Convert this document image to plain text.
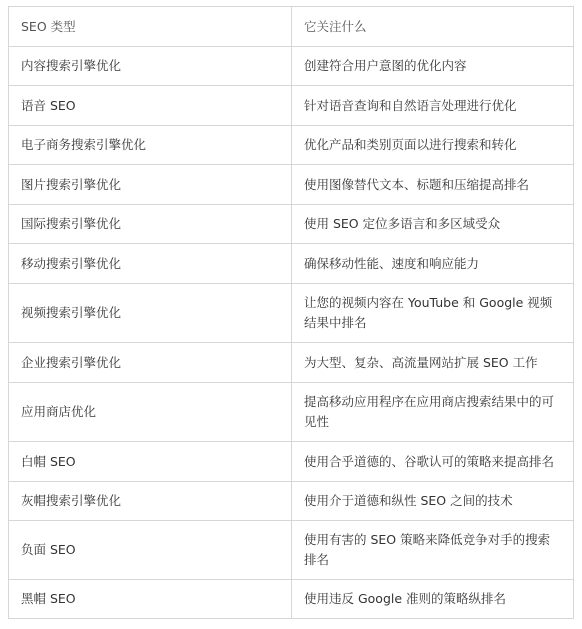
SEO 类型	它关注什么
内容搜索引擎优化	创建符合用户意图的优化内容
语音 SEO	针对语音查询和自然语言处理进行优化
电子商务搜索引擎优化	优化产品和类别页面以进行搜索和转化
图片搜索引擎优化	使用图像替代文本、标题和压缩提高排名
国际搜索引擎优化	使用 SEO 定位多语言和多区域受众
移动搜索引擎优化	确保移动性能、速度和响应能力
视频搜索引擎优化	让您的视频内容在 YouTube 和 Google 视频结果中排名
企业搜索引擎优化	为大型、复杂、高流量网站扩展 SEO 工作
应用商店优化	提高移动应用程序在应用商店搜索结果中的可见性
白帽 SEO	使用合乎道德的、谷歌认可的策略来提高排名
灰帽搜索引擎优化	使用介于道德和纵性 SEO 之间的技术
负面 SEO	使用有害的 SEO 策略来降低竞争对手的搜索排名
黑帽 SEO	使用违反 Google 准则的策略纵排名
